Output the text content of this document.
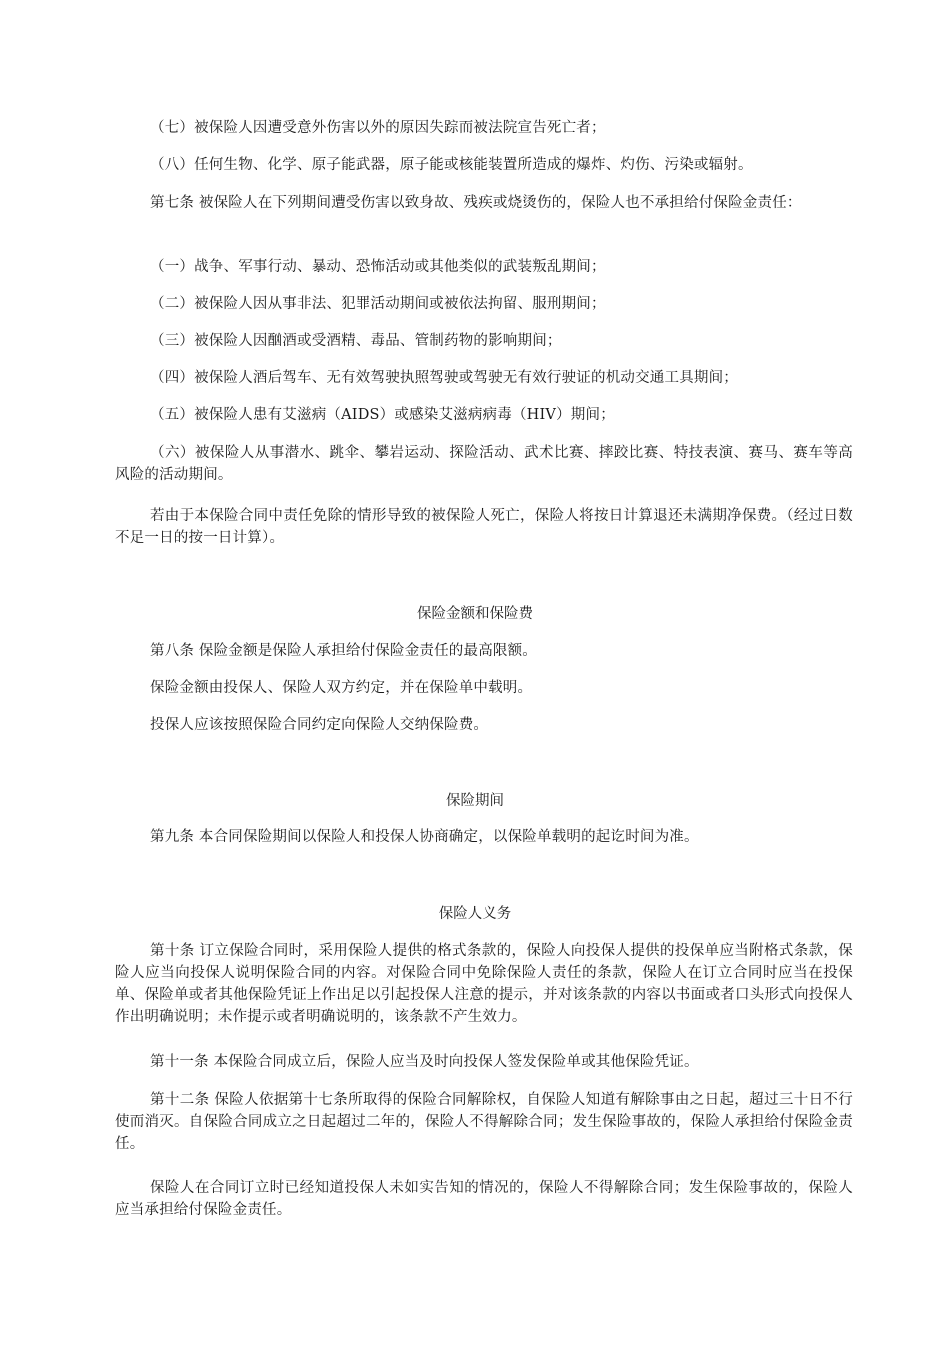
（七）被保险人因遭受意外伤害以外的原因失踪而被法院宣告死亡者；

（八）任何生物、化学、原子能武器，原子能或核能装置所造成的爆炸、灼伤、污染或辐射。

第七条 被保险人在下列期间遭受伤害以致身故、残疾或烧烫伤的，保险人也不承担给付保险金责任：

（一）战争、军事行动、暴动、恐怖活动或其他类似的武装叛乱期间；

（二）被保险人因从事非法、犯罪活动期间或被依法拘留、服刑期间；

（三）被保险人因酗酒或受酒精、毒品、管制药物的影响期间；

（四）被保险人酒后驾车、无有效驾驶执照驾驶或驾驶无有效行驶证的机动交通工具期间；

（五）被保险人患有艾滋病（AIDS）或感染艾滋病病毒（HIV）期间；

（六）被保险人从事潜水、跳伞、攀岩运动、探险活动、武术比赛、摔跤比赛、特技表演、赛马、赛车等高风险的活动期间。

若由于本保险合同中责任免除的情形导致的被保险人死亡，保险人将按日计算退还未满期净保费。（经过日数不足一日的按一日计算）。

保险金额和保险费

第八条 保险金额是保险人承担给付保险金责任的最高限额。

保险金额由投保人、保险人双方约定，并在保险单中载明。

投保人应该按照保险合同约定向保险人交纳保险费。

保险期间

第九条 本合同保险期间以保险人和投保人协商确定，以保险单载明的起讫时间为准。

保险人义务

第十条 订立保险合同时，采用保险人提供的格式条款的，保险人向投保人提供的投保单应当附格式条款，保险人应当向投保人说明保险合同的内容。对保险合同中免除保险人责任的条款，保险人在订立合同时应当在投保单、保险单或者其他保险凭证上作出足以引起投保人注意的提示，并对该条款的内容以书面或者口头形式向投保人作出明确说明；未作提示或者明确说明的，该条款不产生效力。

第十一条 本保险合同成立后，保险人应当及时向投保人签发保险单或其他保险凭证。

第十二条 保险人依据第十七条所取得的保险合同解除权，自保险人知道有解除事由之日起，超过三十日不行使而消灭。自保险合同成立之日起超过二年的，保险人不得解除合同；发生保险事故的，保险人承担给付保险金责任。

保险人在合同订立时已经知道投保人未如实告知的情况的，保险人不得解除合同；发生保险事故的，保险人应当承担给付保险金责任。
